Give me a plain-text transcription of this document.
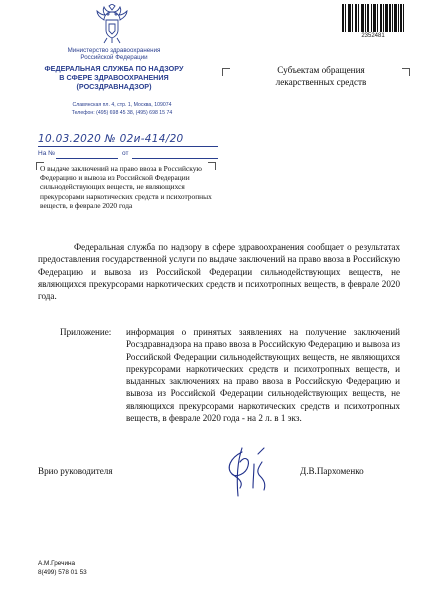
Министерство здравоохранения
Российской Федерации
ФЕДЕРАЛЬНАЯ СЛУЖБА ПО НАДЗОРУ
В СФЕРЕ ЗДРАВООХРАНЕНИЯ
(РОСЗДРАВНАДЗОР)
Славянская пл. 4, стр. 1, Москва, 109074
Телефон: (495) 698 45 38, (495) 698 15 74
2352481
Субъектам обращения
лекарственных средств
10.03.2020 № 02и-414/20
На №	от
О выдаче заключений на право ввоза в Российскую Федерацию и вывоза из Российской Федерации сильнодействующих веществ, не являющихся прекурсорами наркотических средств и психотропных веществ, в феврале 2020 года
Федеральная служба по надзору в сфере здравоохранения сообщает о результатах предоставления государственной услуги по выдаче заключений на право ввоза в Российскую Федерацию и вывоза из Российской Федерации сильнодействующих веществ, не являющихся прекурсорами наркотических средств и психотропных веществ, в феврале 2020 года.
Приложение: информация о принятых заявлениях на получение заключений Росздравнадзора на право ввоза в Российскую Федерацию и вывоза из Российской Федерации сильнодействующих веществ, не являющихся прекурсорами наркотических средств и психотропных веществ, и выданных заключениях на право ввоза в Российскую Федерацию и вывоза из Российской Федерации сильнодействующих веществ, не являющихся прекурсорами наркотических средств и психотропных веществ, в феврале 2020 года - на 2 л. в 1 экз.
Врио руководителя	Д.В.Пархоменко
А.М.Гречина
8(499) 578 01 53
